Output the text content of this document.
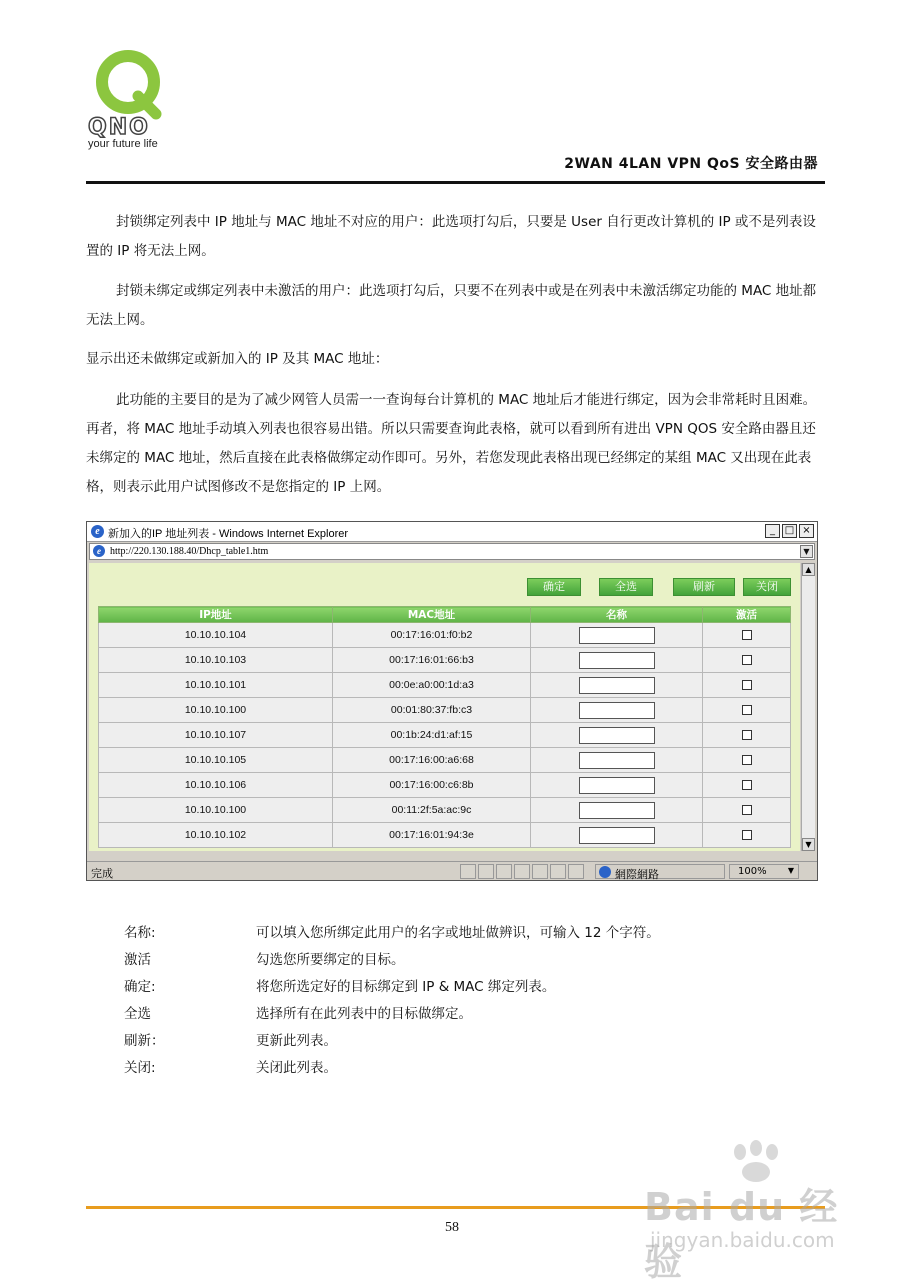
QNO
your future life
2WAN 4LAN VPN QoS 安全路由器

封锁绑定列表中 IP 地址与 MAC 地址不对应的用户：此选项打勾后，只要是 User 自行更改计算机的 IP 或不是列表设置的 IP 将无法上网。

封锁未绑定或绑定列表中未激活的用户：此选项打勾后，只要不在列表中或是在列表中未激活绑定功能的 MAC 地址都无法上网。

显示出还未做绑定或新加入的 IP 及其 MAC 地址：

此功能的主要目的是为了减少网管人员需一一查询每台计算机的 MAC 地址后才能进行绑定，因为会非常耗时且困难。再者，将 MAC 地址手动填入列表也很容易出错。所以只需要查询此表格，就可以看到所有进出 VPN QOS 安全路由器且还未绑定的 MAC 地址，然后直接在此表格做绑定动作即可。另外，若您发现此表格出现已经绑定的某组 MAC 又出现在此表格，则表示此用户试图修改不是您指定的 IP 上网。

e 新加入的IP 地址列表 - Windows Internet Explorer	_ □ ×
e http://220.130.188.40/Dhcp_table1.htm	▼
确定	全选	刷新	关闭
IP地址	MAC地址	名称	激活
10.10.10.104	00:17:16:01:f0:b2		
10.10.10.103	00:17:16:01:66:b3		
10.10.10.101	00:0e:a0:00:1d:a3		
10.10.10.100	00:01:80:37:fb:c3		
10.10.10.107	00:1b:24:d1:af:15		
10.10.10.105	00:17:16:00:a6:68		
10.10.10.106	00:17:16:00:c6:8b		
10.10.10.100	00:11:2f:5a:ac:9c		
10.10.10.102	00:17:16:01:94:3e		
▲
▼
完成	網際網路	100%	▼
名称:	可以填入您所绑定此用户的名字或地址做辨识，可输入 12 个字符。
激活	勾选您所要绑定的目标。
确定:	将您所选定好的目标绑定到 IP & MAC 绑定列表。
全选	选择所有在此列表中的目标做绑定。
刷新：	更新此列表。
关闭:	关闭此列表。
58	Bai du 经验
jingyan.baidu.com
